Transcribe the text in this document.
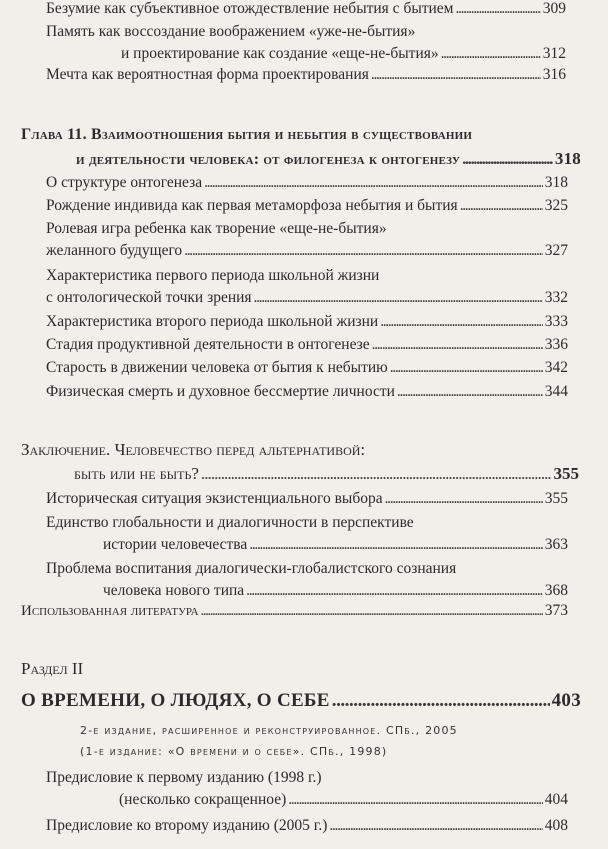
Безумие как субъективное отождествление небытия с бытием . . .	309
Память как воссоздание воображением «уже-не-бытия»
и проектирование как создание «еще-не-бытия» . . .	312
Мечта как вероятностная форма проектирования . . .	316
Глава 11. Взаимоотношения бытия и небытия в существовании
и деятельности человека: от филогенеза к онтогенезу . . .	318
О структуре онтогенеза . . .	318
Рождение индивида как первая метаморфоза небытия и бытия . . .	325
Ролевая игра ребенка как творение «еще-не-бытия»
желанного будущего . . .	327
Характеристика первого периода школьной жизни
с онтологической точки зрения . . .	332
Характеристика второго периода школьной жизни . . .	333
Стадия продуктивной деятельности в онтогенезе . . .	336
Старость в движении человека от бытия к небытию . . .	342
Физическая смерть и духовное бессмертие личности . . .	344
Заключение. Человечество перед альтернативой:
быть или не быть? . . .	355
Историческая ситуация экзистенциального выбора . . .	355
Единство глобальности и диалогичности в перспективе
истории человечества . . .	363
Проблема воспитания диалогически-глобалистского сознания
человека нового типа . . .	368
Использованная литература . . .	373
Раздел II
О ВРЕМЕНИ, О ЛЮДЯХ, О СЕБЕ . . .	403
2-е издание, расширенное и реконструированное. СПб., 2005
(1-е издание: «О времени и о себе». СПб., 1998)
Предисловие к первому изданию (1998 г.)
(несколько сокращенное) . . .	404
Предисловие ко второму изданию (2005 г.) . . .	408
